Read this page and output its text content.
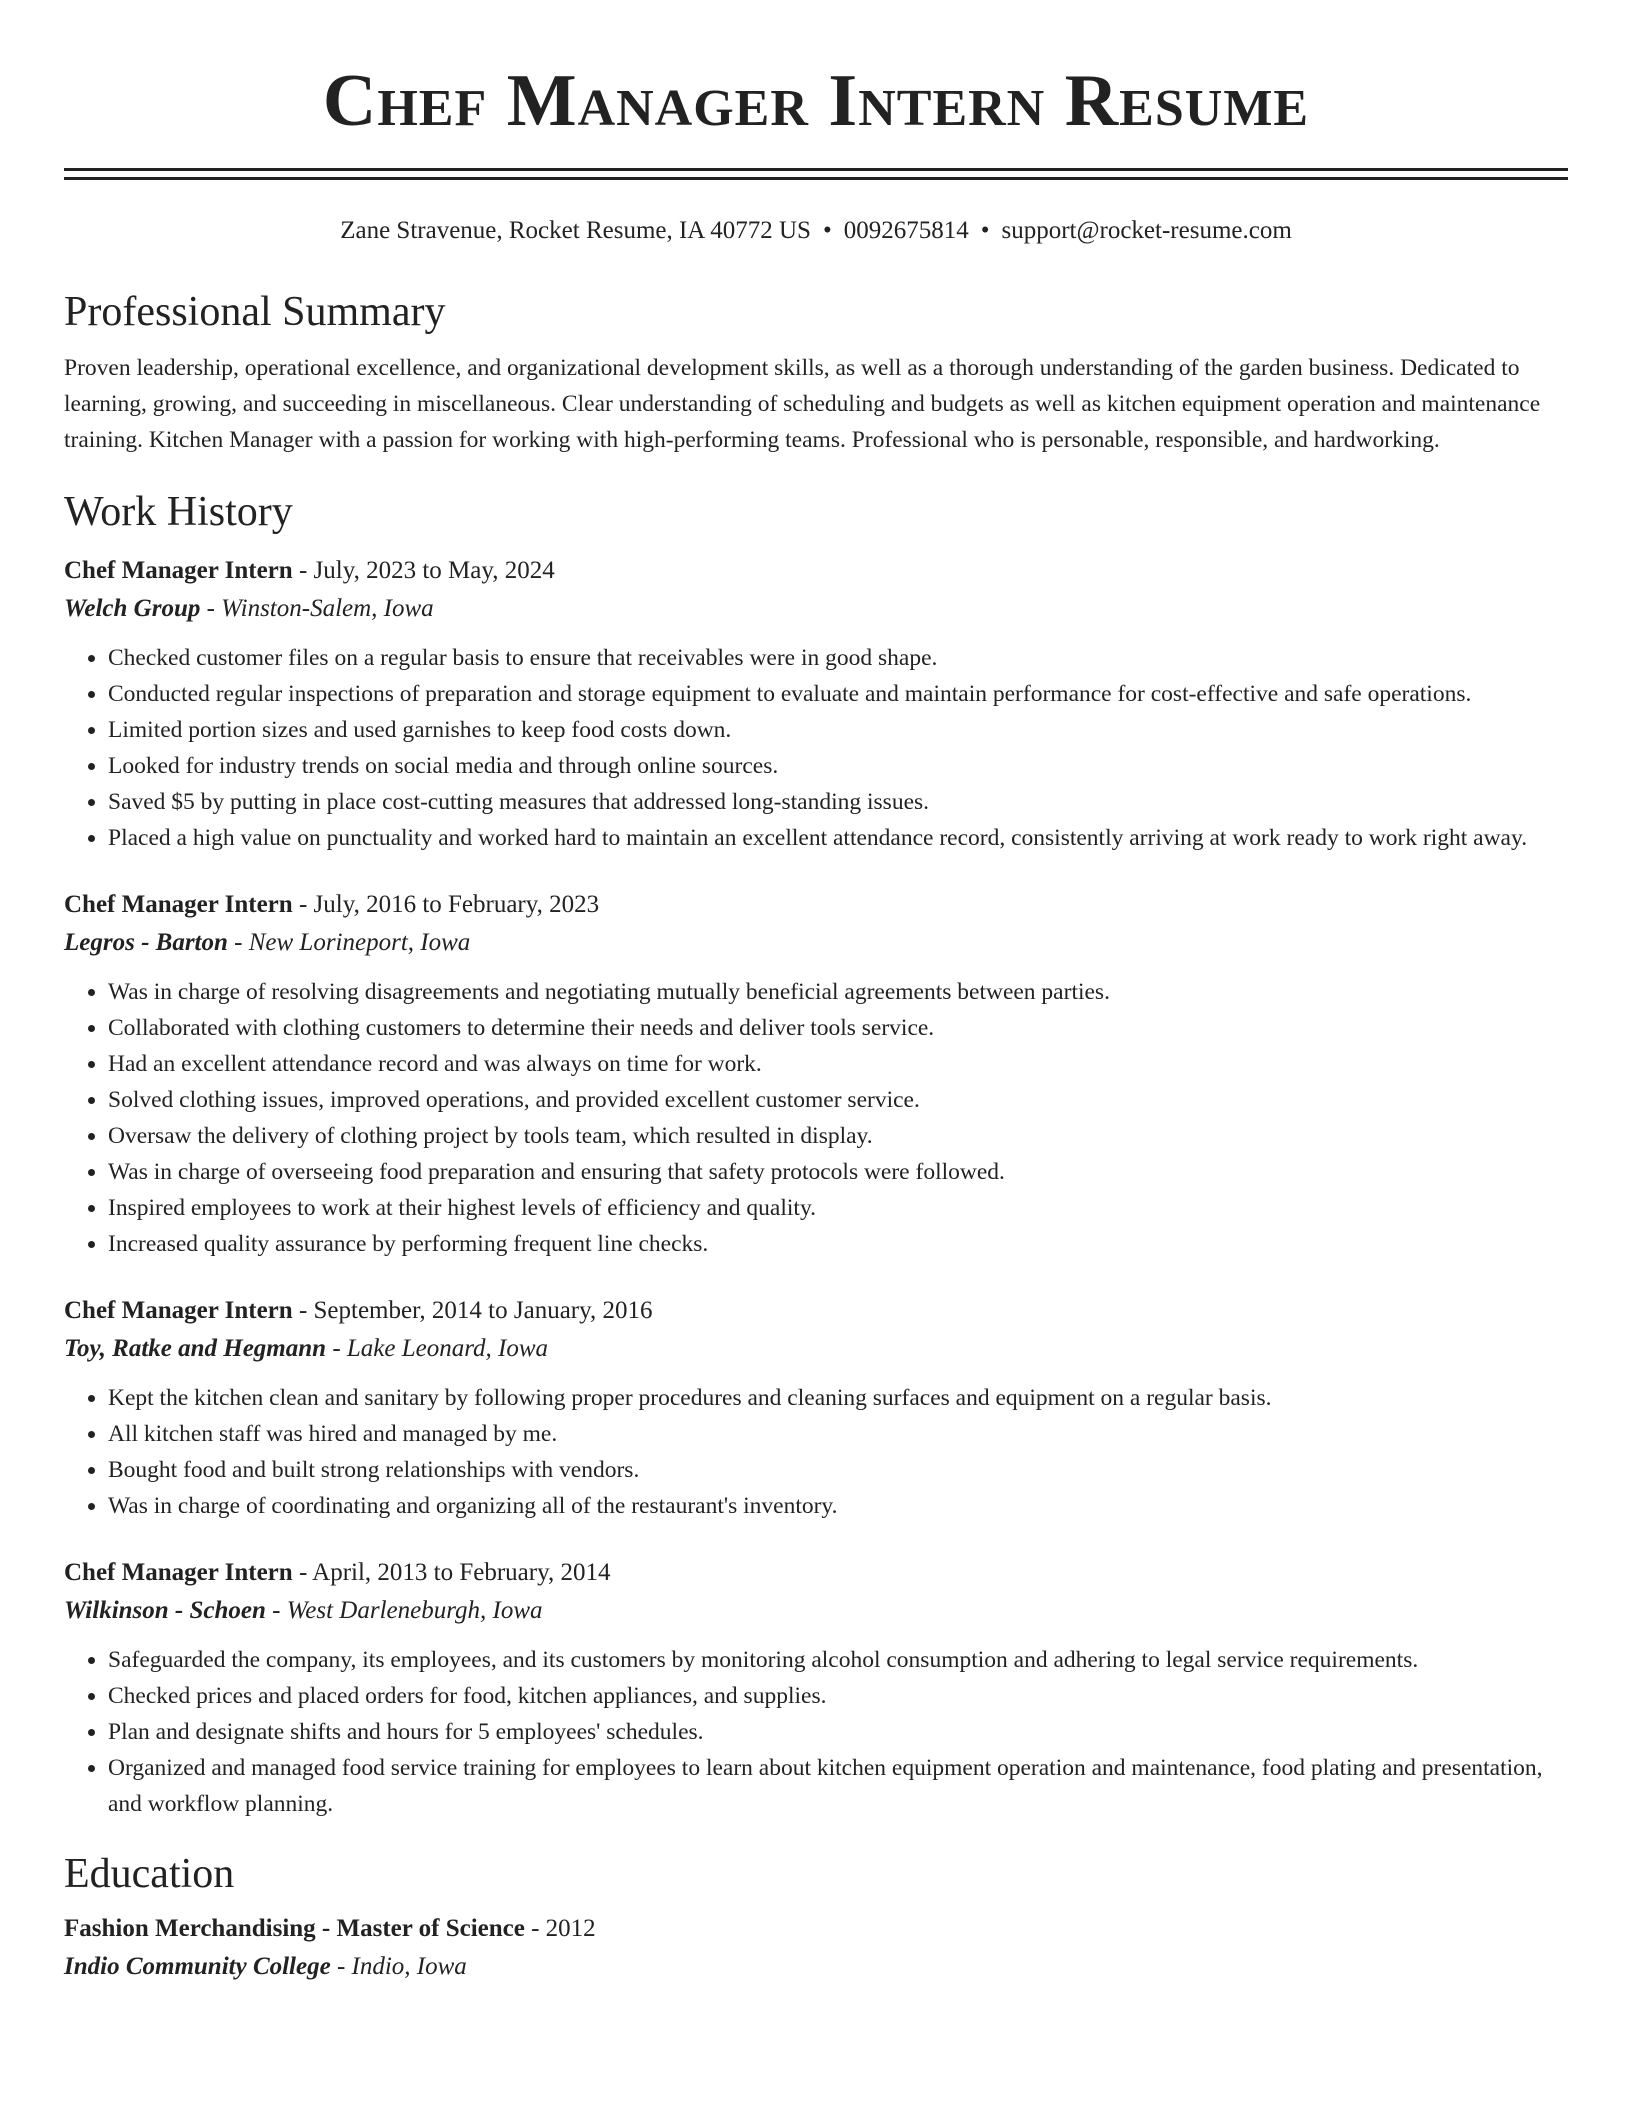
Chef Manager Intern Resume
Zane Stravenue, Rocket Resume, IA 40772 US • 0092675814 • support@rocket-resume.com
Professional Summary

Proven leadership, operational excellence, and organizational development skills, as well as a thorough understanding of the garden business. Dedicated to learning, growing, and succeeding in miscellaneous. Clear understanding of scheduling and budgets as well as kitchen equipment operation and maintenance training. Kitchen Manager with a passion for working with high-performing teams. Professional who is personable, responsible, and hardworking.

Work History

Chef Manager Intern - July, 2023 to May, 2024

Welch Group - Winston-Salem, Iowa

• Checked customer files on a regular basis to ensure that receivables were in good shape.
• Conducted regular inspections of preparation and storage equipment to evaluate and maintain performance for cost-effective and safe operations.
• Limited portion sizes and used garnishes to keep food costs down.
• Looked for industry trends on social media and through online sources.
• Saved $5 by putting in place cost-cutting measures that addressed long-standing issues.
• Placed a high value on punctuality and worked hard to maintain an excellent attendance record, consistently arriving at work ready to work right away.

Chef Manager Intern - July, 2016 to February, 2023

Legros - Barton - New Lorineport, Iowa

• Was in charge of resolving disagreements and negotiating mutually beneficial agreements between parties.
• Collaborated with clothing customers to determine their needs and deliver tools service.
• Had an excellent attendance record and was always on time for work.
• Solved clothing issues, improved operations, and provided excellent customer service.
• Oversaw the delivery of clothing project by tools team, which resulted in display.
• Was in charge of overseeing food preparation and ensuring that safety protocols were followed.
• Inspired employees to work at their highest levels of efficiency and quality.
• Increased quality assurance by performing frequent line checks.

Chef Manager Intern - September, 2014 to January, 2016

Toy, Ratke and Hegmann - Lake Leonard, Iowa

• Kept the kitchen clean and sanitary by following proper procedures and cleaning surfaces and equipment on a regular basis.
• All kitchen staff was hired and managed by me.
• Bought food and built strong relationships with vendors.
• Was in charge of coordinating and organizing all of the restaurant's inventory.

Chef Manager Intern - April, 2013 to February, 2014

Wilkinson - Schoen - West Darleneburgh, Iowa

• Safeguarded the company, its employees, and its customers by monitoring alcohol consumption and adhering to legal service requirements.
• Checked prices and placed orders for food, kitchen appliances, and supplies.
• Plan and designate shifts and hours for 5 employees' schedules.
• Organized and managed food service training for employees to learn about kitchen equipment operation and maintenance, food plating and presentation, and workflow planning.
Education

Fashion Merchandising - Master of Science - 2012

Indio Community College - Indio, Iowa
